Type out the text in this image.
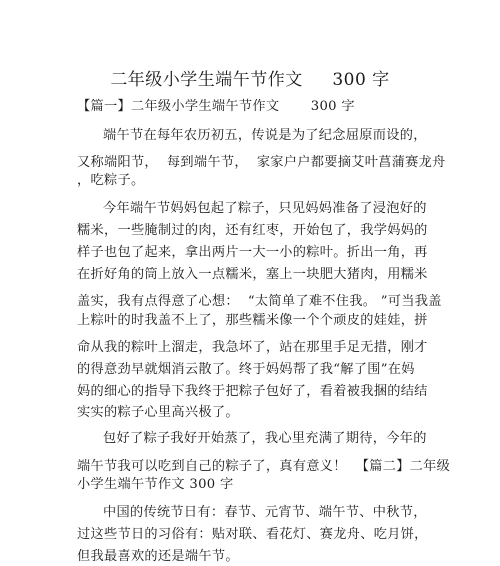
二年级小学生端午节作文     300 字
【篇一】二年级小学生端午节作文       300 字
端午节在每年农历初五，传说是为了纪念屈原而设的，
又称端阳节，  每到端午节，  家家户户都要摘艾叶菖蒲赛龙舟
，吃粽子。
今年端午节妈妈包起了粽子，只见妈妈准备了浸泡好的
糯米，一些腌制过的肉，还有红枣，开始包了，我学妈妈的
样子也包了起来，拿出两片一大一小的粽叶。折出一角，再
在折好角的筒上放入一点糯米，塞上一块肥大猪肉，用糯米
盖实，我有点得意了心想：  “太简单了难不住我。 ”可当我盖
上粽叶的时我盖不上了，那些糯米像一个个顽皮的娃娃，拼
命从我的粽叶上溜走，我急坏了，站在那里手足无措，刚才
的得意劲早就烟消云散了。终于妈妈帮了我“解了围”在妈
妈的细心的指导下我终于把粽子包好了，看着被我捆的结结
实实的粽子心里高兴极了。
包好了粽子我好开始蒸了，我心里充满了期待，今年的
端午节我可以吃到自己的粽子了，真有意义！  【篇二】二年级
小学生端午节作文 300 字
中国的传统节日有：春节、元宵节、端午节、中秋节，
过这些节日的习俗有：贴对联、看花灯、赛龙舟、吃月饼，
但我最喜欢的还是端午节。
